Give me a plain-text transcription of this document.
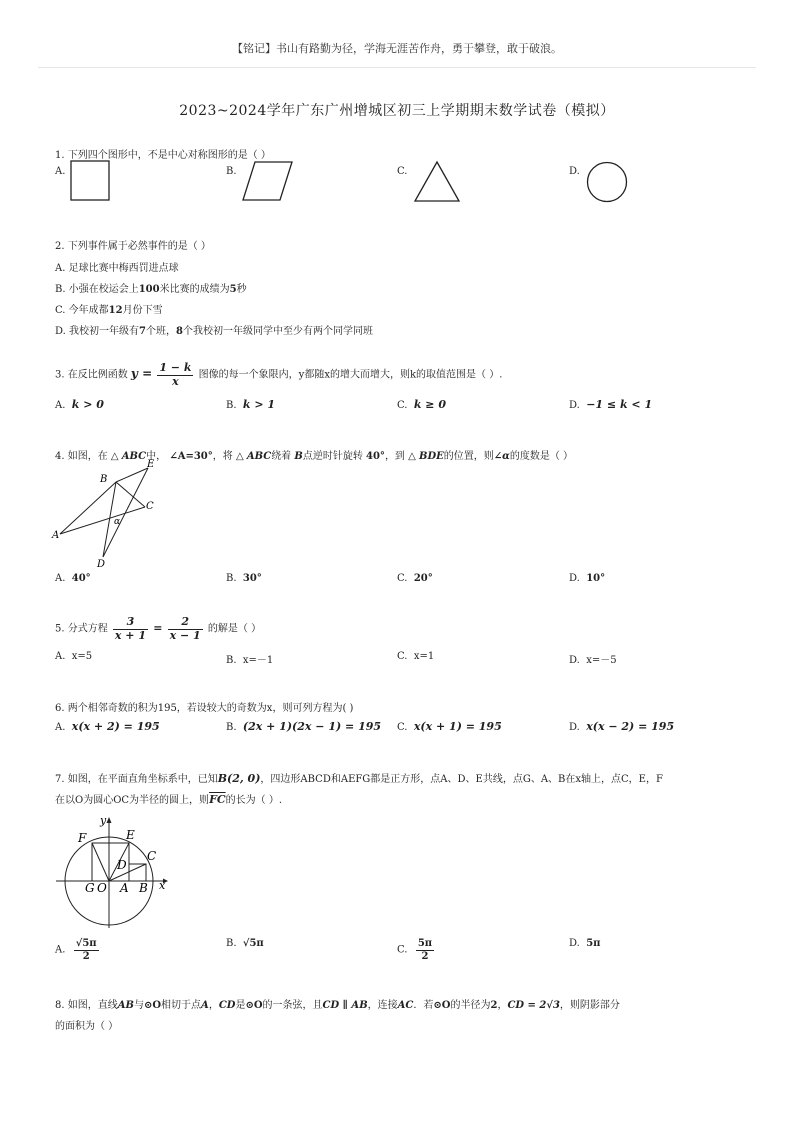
【铭记】书山有路勤为径，学海无涯苦作舟，勇于攀登，敢于破浪。
2023~2024学年广东广州增城区初三上学期期末数学试卷（模拟）
1. 下列四个图形中，不是中心对称图形的是（ ）
A.	B.	C.	D.
2. 下列事件属于必然事件的是（ ）
A. 足球比赛中梅西罚进点球
B. 小强在校运会上100米比赛的成绩为5秒
C. 今年成都12月份下雪
D. 我校初一年级有7个班，8个我校初一年级同学中至少有两个同学同班
3. 在反比例函数 $y = \frac{1 - k}{x}$ 图像的每一个象限内，y都随x的增大而增大，则k的取值范围是（ ）.
A. k > 0	B. k > 1	C. k ≥ 0	D. −1 ≤ k < 1
4. 如图，在 △ ABC中， ∠A=30°，将 △ ABC绕着 B点逆时针旋转 40°，到 △ BDE的位置，则∠α的度数是（ ）
E
B
C
A
D
α
A. 40°	B. 30°	C. 20°	D. 10°
5. 分式方程 $\frac{3}{x + 1} = \frac{2}{x - 1}$ 的解是（ ）
A. x=5	B. x=－1	C. x=1	D. x=－5
6. 两个相邻奇数的积为195，若设较大的奇数为x，则可列方程为( )
A. x(x + 2) = 195	B. (2x + 1)(2x − 1) = 195 C. x(x + 1) = 195	D. x(x − 2) = 195
7. 如图，在平面直角坐标系中，已知B(2, 0)，四边形ABCD和AEFG都是正方形，点A、D、E共线，点G、A、B在x轴上，点C，E，F
在以O为圆心OC为半径的圆上，则$\overline{FC}$的长为（ ）.
y
x
F	E
D
C
G O A B
A. $\frac{√5\pi}{2}$	B. √5π
C. $\frac{5\pi}{2}$	D. 5π
8. 如图，直线AB与⊙O相切于点A，CD是⊙O的一条弦，且CD ∥ AB，连接AC．若⊙O的半径为2，CD = 2√3，则阴影部分
的面积为（ ）
